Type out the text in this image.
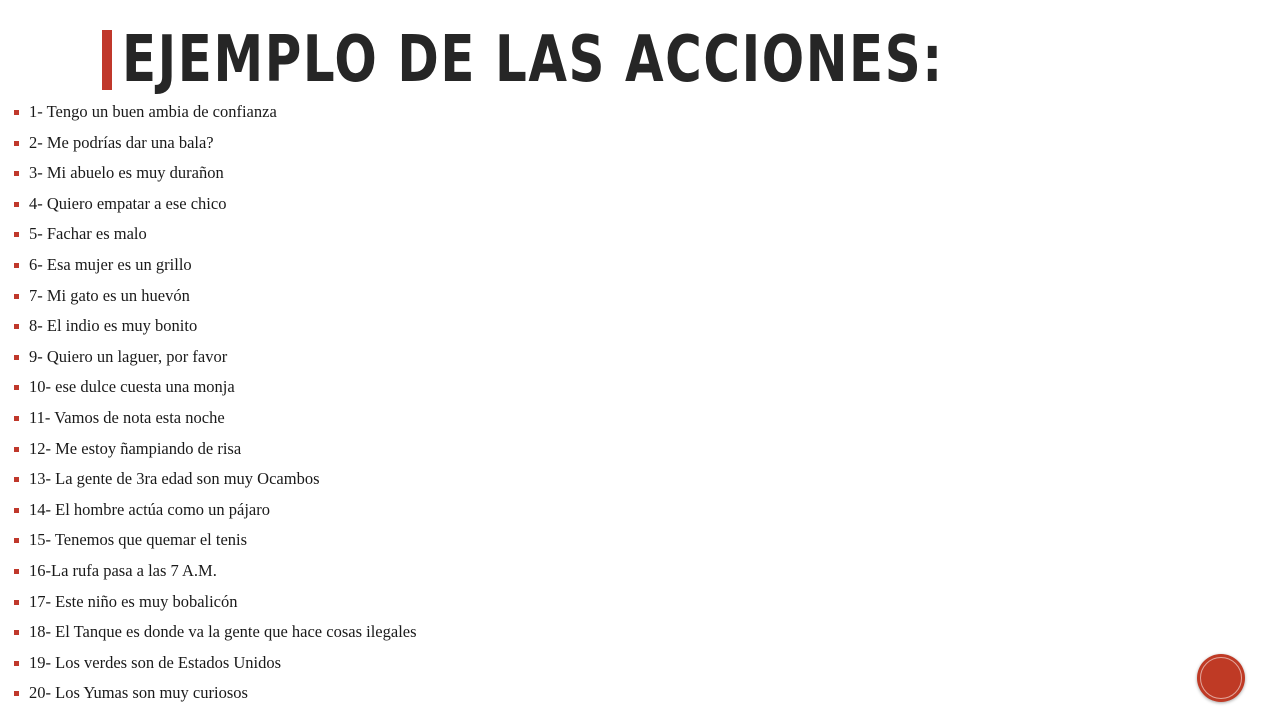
EJEMPLO DE LAS ACCIONES:
1- Tengo un buen ambia de confianza
2- Me podrías dar una bala?
3- Mi abuelo es muy durañon
4- Quiero empatar a ese chico
5- Fachar es malo
6- Esa mujer es un grillo
7- Mi gato es un huevón
8- El indio es muy bonito
9- Quiero un laguer, por favor
10- ese dulce cuesta una monja
11- Vamos de nota esta noche
12- Me estoy ñampiando de risa
13- La gente de 3ra edad son muy Ocambos
14- El hombre actúa como un pájaro
15- Tenemos que quemar el tenis
16-La rufa pasa a las 7 A.M.
17- Este niño es muy bobalicón
18- El Tanque es donde va la gente que hace cosas ilegales
19- Los verdes son de Estados Unidos
20- Los Yumas son muy curiosos
